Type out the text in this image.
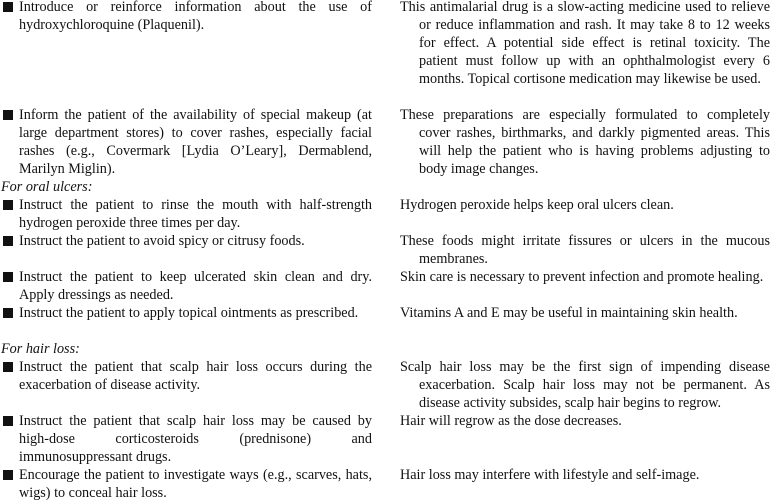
Introduce or reinforce information about the use of hydroxychloroquine (Plaquenil).
This antimalarial drug is a slow-acting medicine used to relieve or reduce inflammation and rash. It may take 8 to 12 weeks for effect. A potential side effect is retinal toxicity. The patient must follow up with an ophthalmologist every 6 months. Topical cortisone medication may likewise be used.
Inform the patient of the availability of special makeup (at large department stores) to cover rashes, especially facial rashes (e.g., Covermark [Lydia O’Leary], Dermablend, Marilyn Miglin).
These preparations are especially formulated to completely cover rashes, birthmarks, and darkly pigmented areas. This will help the patient who is having problems adjusting to body image changes.
For oral ulcers:
Instruct the patient to rinse the mouth with half-strength hydrogen peroxide three times per day.
Hydrogen peroxide helps keep oral ulcers clean.
Instruct the patient to avoid spicy or citrusy foods.	These foods might irritate fissures or ulcers in the mucous membranes.
Instruct the patient to keep ulcerated skin clean and dry. Apply dressings as needed.
Skin care is necessary to prevent infection and promote healing.
Instruct the patient to apply topical ointments as prescribed.	Vitamins A and E may be useful in maintaining skin health.
For hair loss:
Instruct the patient that scalp hair loss occurs during the exacerbation of disease activity.
Scalp hair loss may be the first sign of impending disease exacerbation. Scalp hair loss may not be permanent. As disease activity subsides, scalp hair begins to regrow.
Instruct the patient that scalp hair loss may be caused by high-dose corticosteroids (prednisone) and immunosuppressant drugs.
Hair will regrow as the dose decreases.
Encourage the patient to investigate ways (e.g., scarves, hats, wigs) to conceal hair loss.
Hair loss may interfere with lifestyle and self-image.
